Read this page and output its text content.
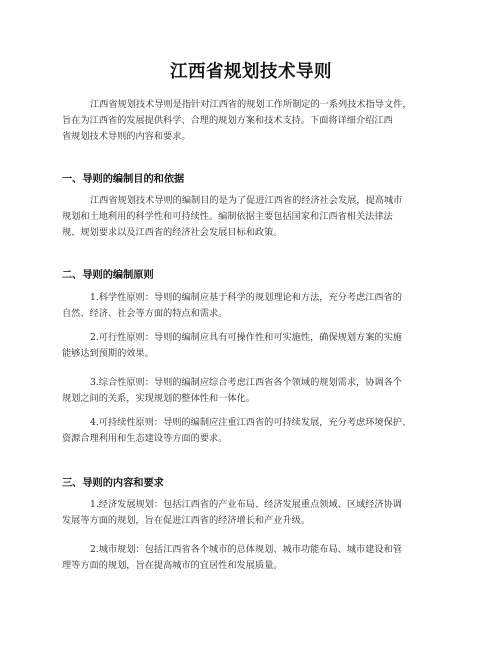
江西省规划技术导则

江西省规划技术导则是指针对江西省的规划工作所制定的一系列技术指导文件，
旨在为江西省的发展提供科学、合理的规划方案和技术支持。下面将详细介绍江西
省规划技术导则的内容和要求。

一、导则的编制目的和依据

江西省规划技术导则的编制目的是为了促进江西省的经济社会发展，提高城市
规划和土地利用的科学性和可持续性。编制依据主要包括国家和江西省相关法律法
规、规划要求以及江西省的经济社会发展目标和政策。

二、导则的编制原则

1.科学性原则：导则的编制应基于科学的规划理论和方法，充分考虑江西省的
自然、经济、社会等方面的特点和需求。

2.可行性原则：导则的编制应具有可操作性和可实施性，确保规划方案的实施
能够达到预期的效果。

3.综合性原则：导则的编制应综合考虑江西省各个领域的规划需求，协调各个
规划之间的关系，实现规划的整体性和一体化。

4.可持续性原则：导则的编制应注重江西省的可持续发展，充分考虑环境保护、
资源合理利用和生态建设等方面的要求。

三、导则的内容和要求

1.经济发展规划：包括江西省的产业布局、经济发展重点领域、区域经济协调
发展等方面的规划，旨在促进江西省的经济增长和产业升级。

2.城市规划：包括江西省各个城市的总体规划、城市功能布局、城市建设和管
理等方面的规划，旨在提高城市的宜居性和发展质量。
